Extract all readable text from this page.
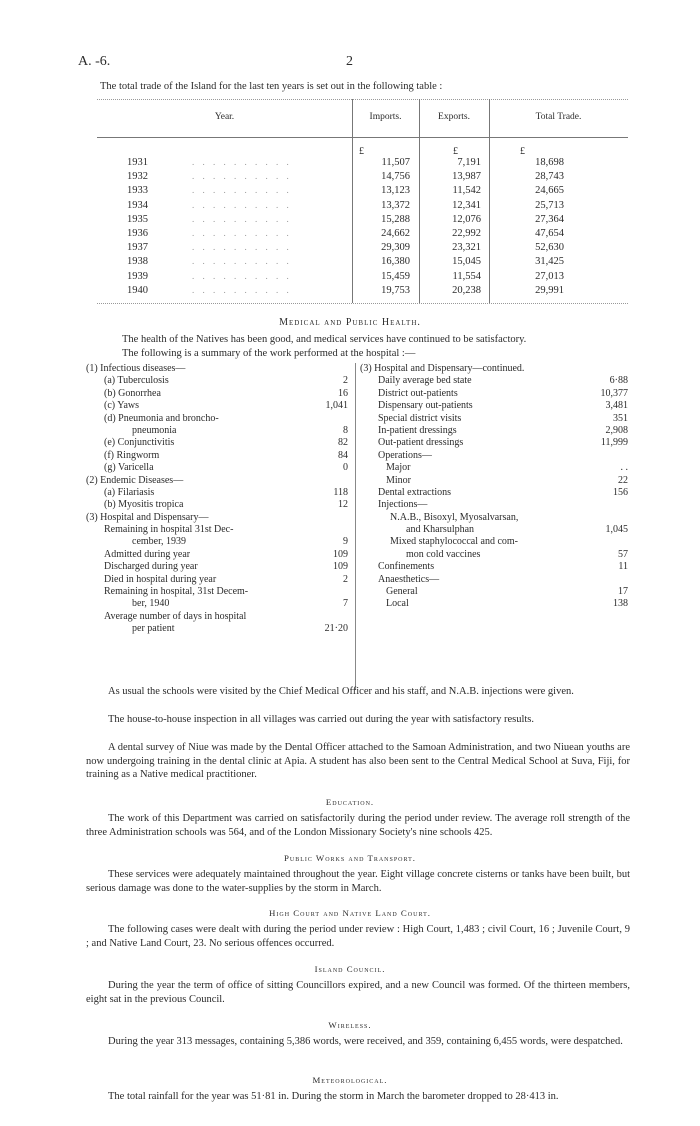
A. -6.	2
The total trade of the Island for the last ten years is set out in the following table :
Year.	Imports.	Exports.	Total Trade.
£	£	£
. . . . . . . . . .
1931	11,507	7,191	18,698
. . . . . . . . . .
1932	14,756	13,987	28,743
. . . . . . . . . .
1933	13,123	11,542	24,665
. . . . . . . . . .
1934	13,372	12,341	25,713
. . . . . . . . . .
1935	15,288	12,076	27,364
. . . . . . . . . .
1936	24,662	22,992	47,654
. . . . . . . . . .
1937	29,309	23,321	52,630
. . . . . . . . . .
1938	16,380	15,045	31,425
. . . . . . . . . .
1939	15,459	11,554	27,013
. . . . . . . . . .
1940	19,753	20,238	29,991
Medical and Public Health.
The health of the Natives has been good, and medical services have continued to be satisfactory.
The following is a summary of the work performed at the hospital :—
(1) Infectious diseases—
(a) Tuberculosis	2
(b) Gonorrhea	16
(c) Yaws	1,041
(d) Pneumonia and broncho-
pneumonia	8
(e) Conjunctivitis	82
(f) Ringworm	84
(g) Varicella	0
(2) Endemic Diseases—
(a) Filariasis	118
(b) Myositis tropica	12
(3) Hospital and Dispensary—
Remaining in hospital 31st Dec-
cember, 1939	9
Admitted during year	109
Discharged during year	109
Died in hospital during year	2
Remaining in hospital, 31st Decem-
ber, 1940	7
Average number of days in hospital
per patient	21·20
(3) Hospital and Dispensary—continued.
Daily average bed state	6·88
District out-patients	10,377
Dispensary out-patients	3,481
Special district visits	351
In-patient dressings	2,908
Out-patient dressings	11,999
Operations—
Major	. .
Minor	22
Dental extractions	156
Injections—
N.A.B., Bisoxyl, Myosalvarsan,
and Kharsulphan	1,045
Mixed staphylococcal and com-
mon cold vaccines	57
Confinements	11
Anaesthetics—
General	17
Local	138
As usual the schools were visited by the Chief Medical Officer and his staff, and N.A.B. injections were given.
The house-to-house inspection in all villages was carried out during the year with satisfactory results.
A dental survey of Niue was made by the Dental Officer attached to the Samoan Administration, and two Niuean youths are now undergoing training in the dental clinic at Apia. A student has also been sent to the Central Medical School at Suva, Fiji, for training as a Native medical practitioner.
Education.
The work of this Department was carried on satisfactorily during the period under review. The average roll strength of the three Administration schools was 564, and of the London Missionary Society's nine schools 425.
Public Works and Transport.
These services were adequately maintained throughout the year. Eight village concrete cisterns or tanks have been built, but serious damage was done to the water-supplies by the storm in March.
High Court and Native Land Court.
The following cases were dealt with during the period under review : High Court, 1,483 ; civil Court, 16 ; Juvenile Court, 9 ; and Native Land Court, 23. No serious offences occurred.
Island Council.
During the year the term of office of sitting Councillors expired, and a new Council was formed. Of the thirteen members, eight sat in the previous Council.
Wireless.
During the year 313 messages, containing 5,386 words, were received, and 359, containing 6,455 words, were despatched.
Meteorological.
The total rainfall for the year was 51·81 in. During the storm in March the barometer dropped to 28·413 in.
